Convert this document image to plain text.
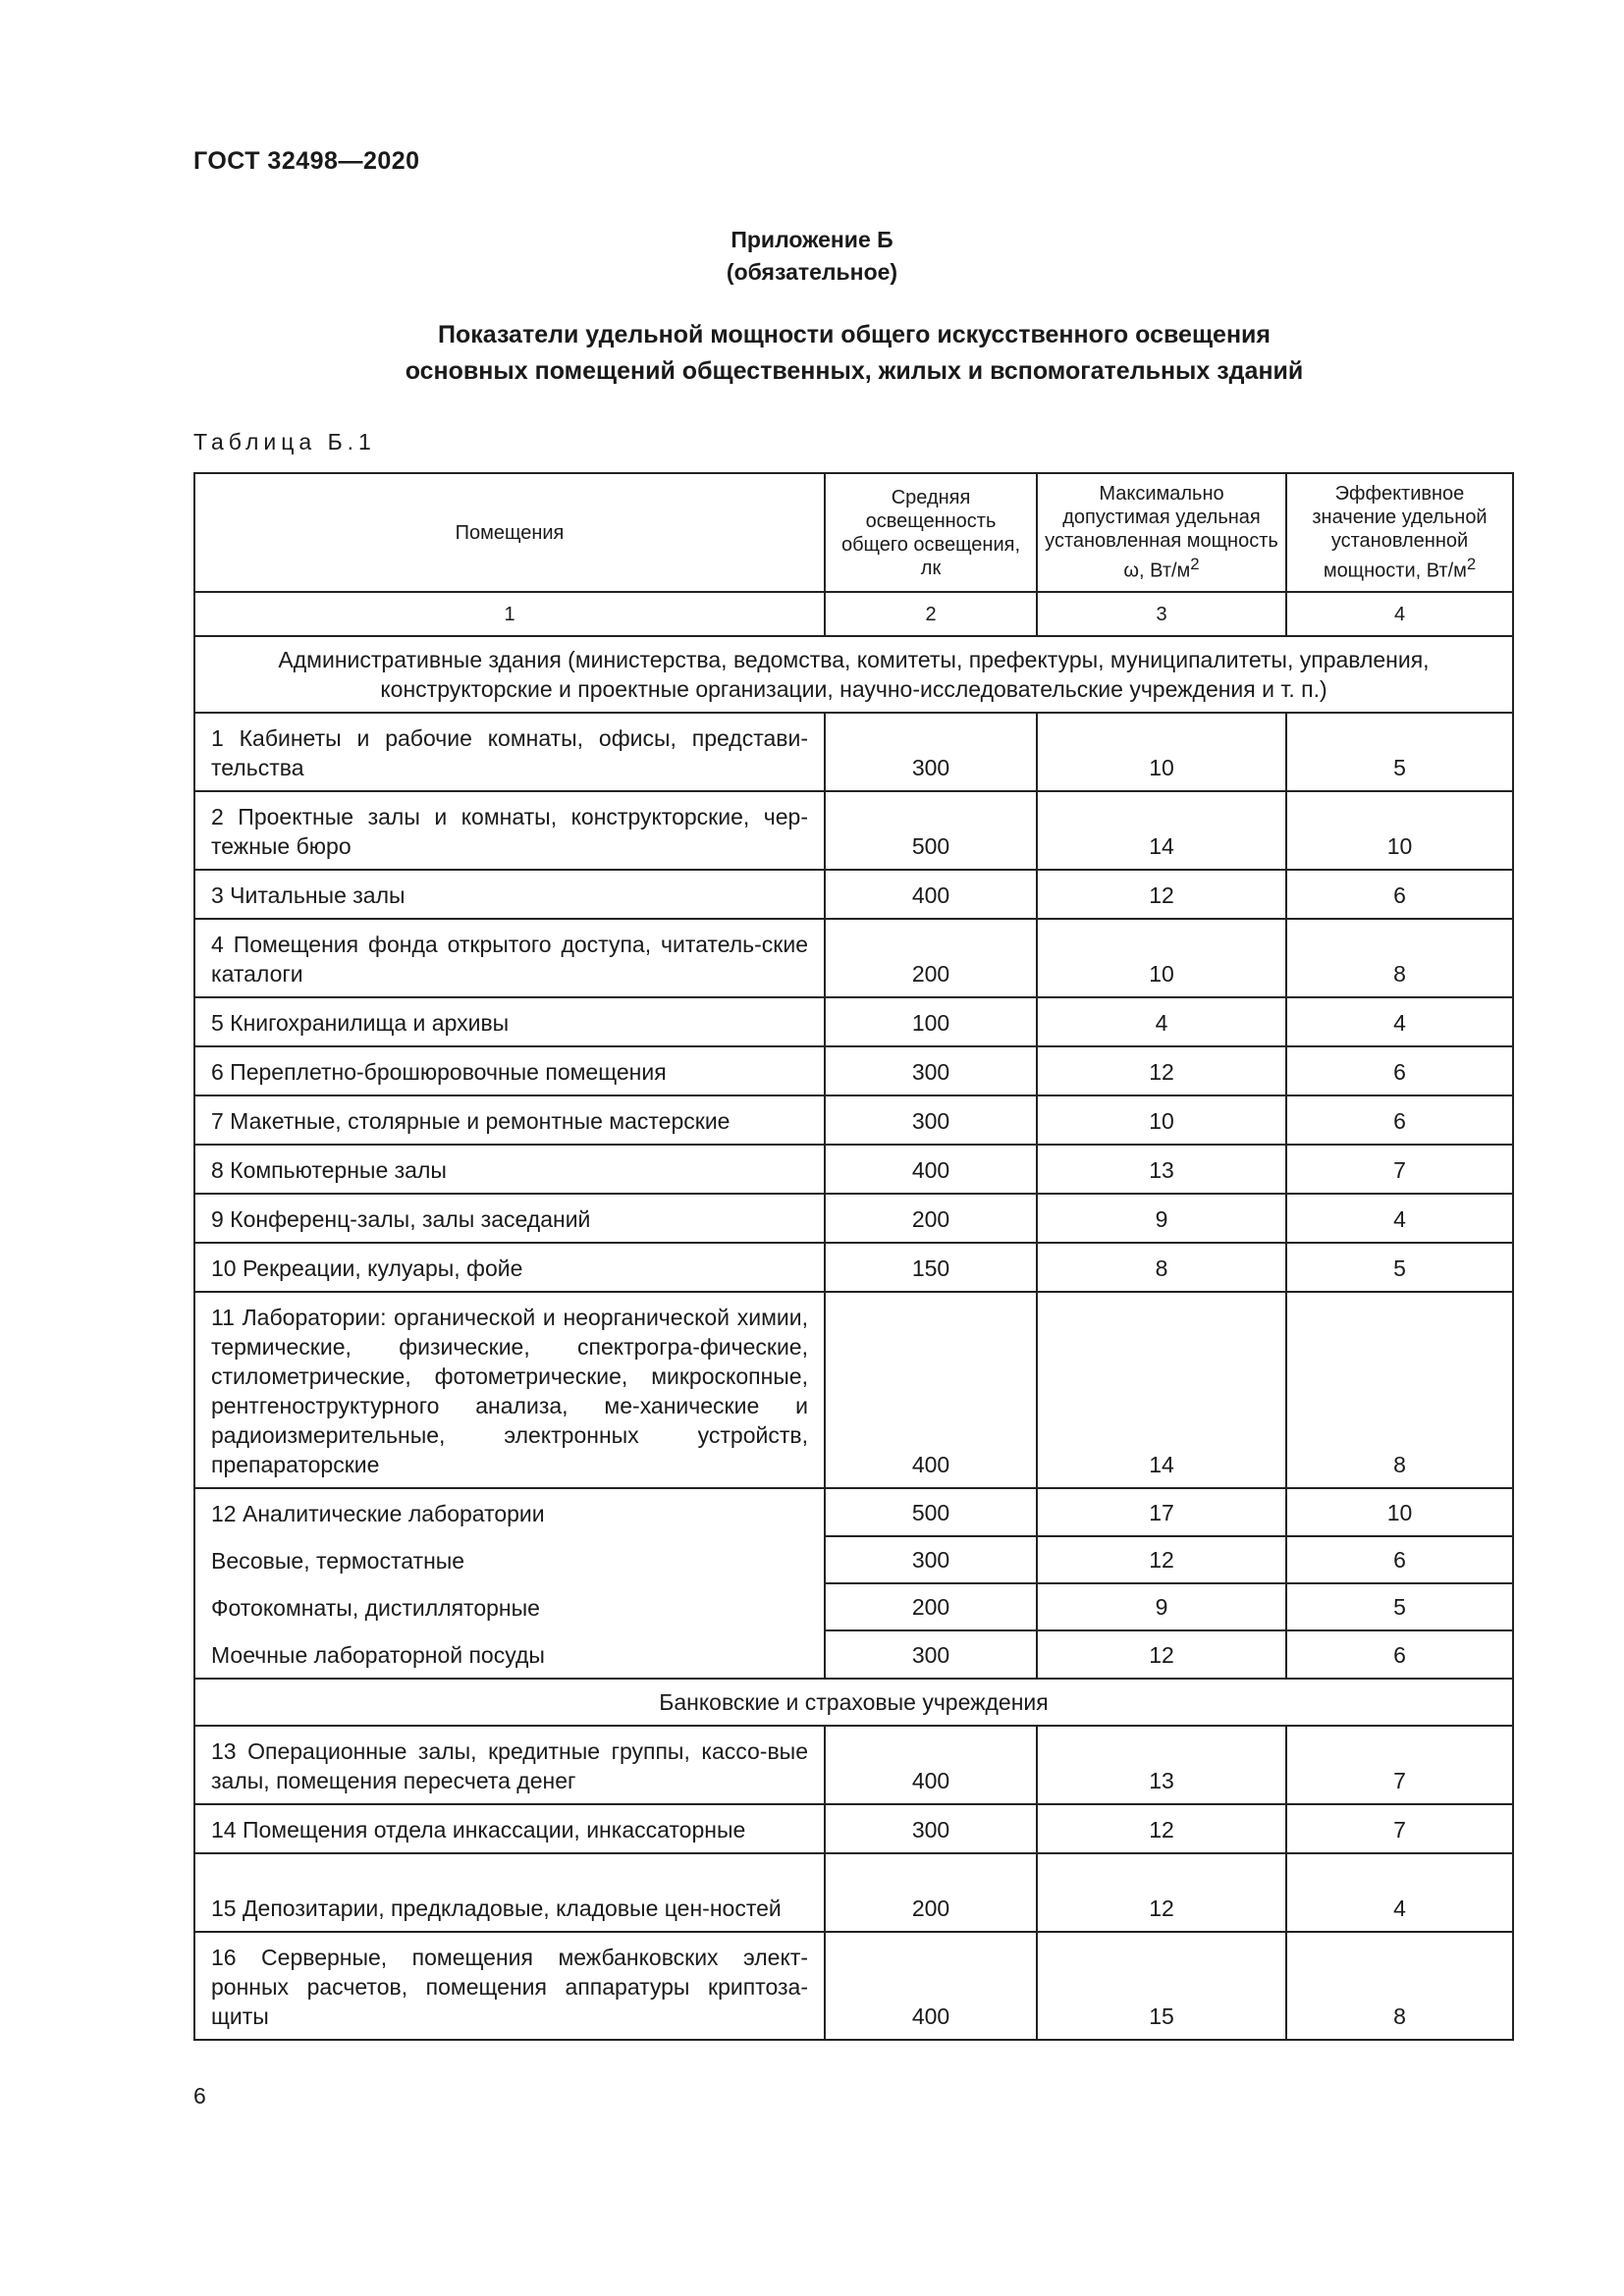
ГОСТ 32498—2020
Приложение Б
(обязательное)
Показатели удельной мощности общего искусственного освещения
основных помещений общественных, жилых и вспомогательных зданий
Таблица Б.1
Помещения	Средняя освещенность общего освещения, лк	Максимально допустимая удельная установленная мощность ω, $Вт/м^2$	Эффективное значение удельной установленной мощности, $Вт/м^2$
1	2	3	4
Административные здания (министерства, ведомства, комитеты, префектуры, муниципалитеты, управления, конструкторские и проектные организации, научно-исследовательские учреждения и т. п.)			
1 Кабинеты и рабочие комнаты, офисы, представи-тельства	300	10	5
2 Проектные залы и комнаты, конструкторские, чер-тежные бюро	500	14	10
3 Читальные залы	400	12	6
4 Помещения фонда открытого доступа, читатель-ские каталоги	200	10	8
5 Книгохранилища и архивы	100	4	4
6 Переплетно-брошюровочные помещения	300	12	6
7 Макетные, столярные и ремонтные мастерские	300	10	6
8 Компьютерные залы	400	13	7
9 Конференц-залы, залы заседаний	200	9	4
10 Рекреации, кулуары, фойе	150	8	5
11 Лаборатории: органической и неорганической химии, термические, физические, спектрогра-фические, стилометрические, фотометрические, микроскопные, рентгеноструктурного анализа, ме-ханические и радиоизмерительные, электронных устройств, препараторские	400	14	8
12 Аналитические лаборатории	500	17	10
Весовые, термостатные	300	12	6
Фотокомнаты, дистилляторные	200	9	5
Моечные лабораторной посуды	300	12	6
Банковские и страховые учреждения			
13 Операционные залы, кредитные группы, кассо-вые залы, помещения пересчета денег	400	13	7
14 Помещения отдела инкассации, инкассаторные	300	12	7
15 Депозитарии, предкладовые, кладовые цен-ностей	200	12	4
16 Серверные, помещения межбанковских элект-ронных расчетов, помещения аппаратуры криптоза-щиты	400	15	8
6
